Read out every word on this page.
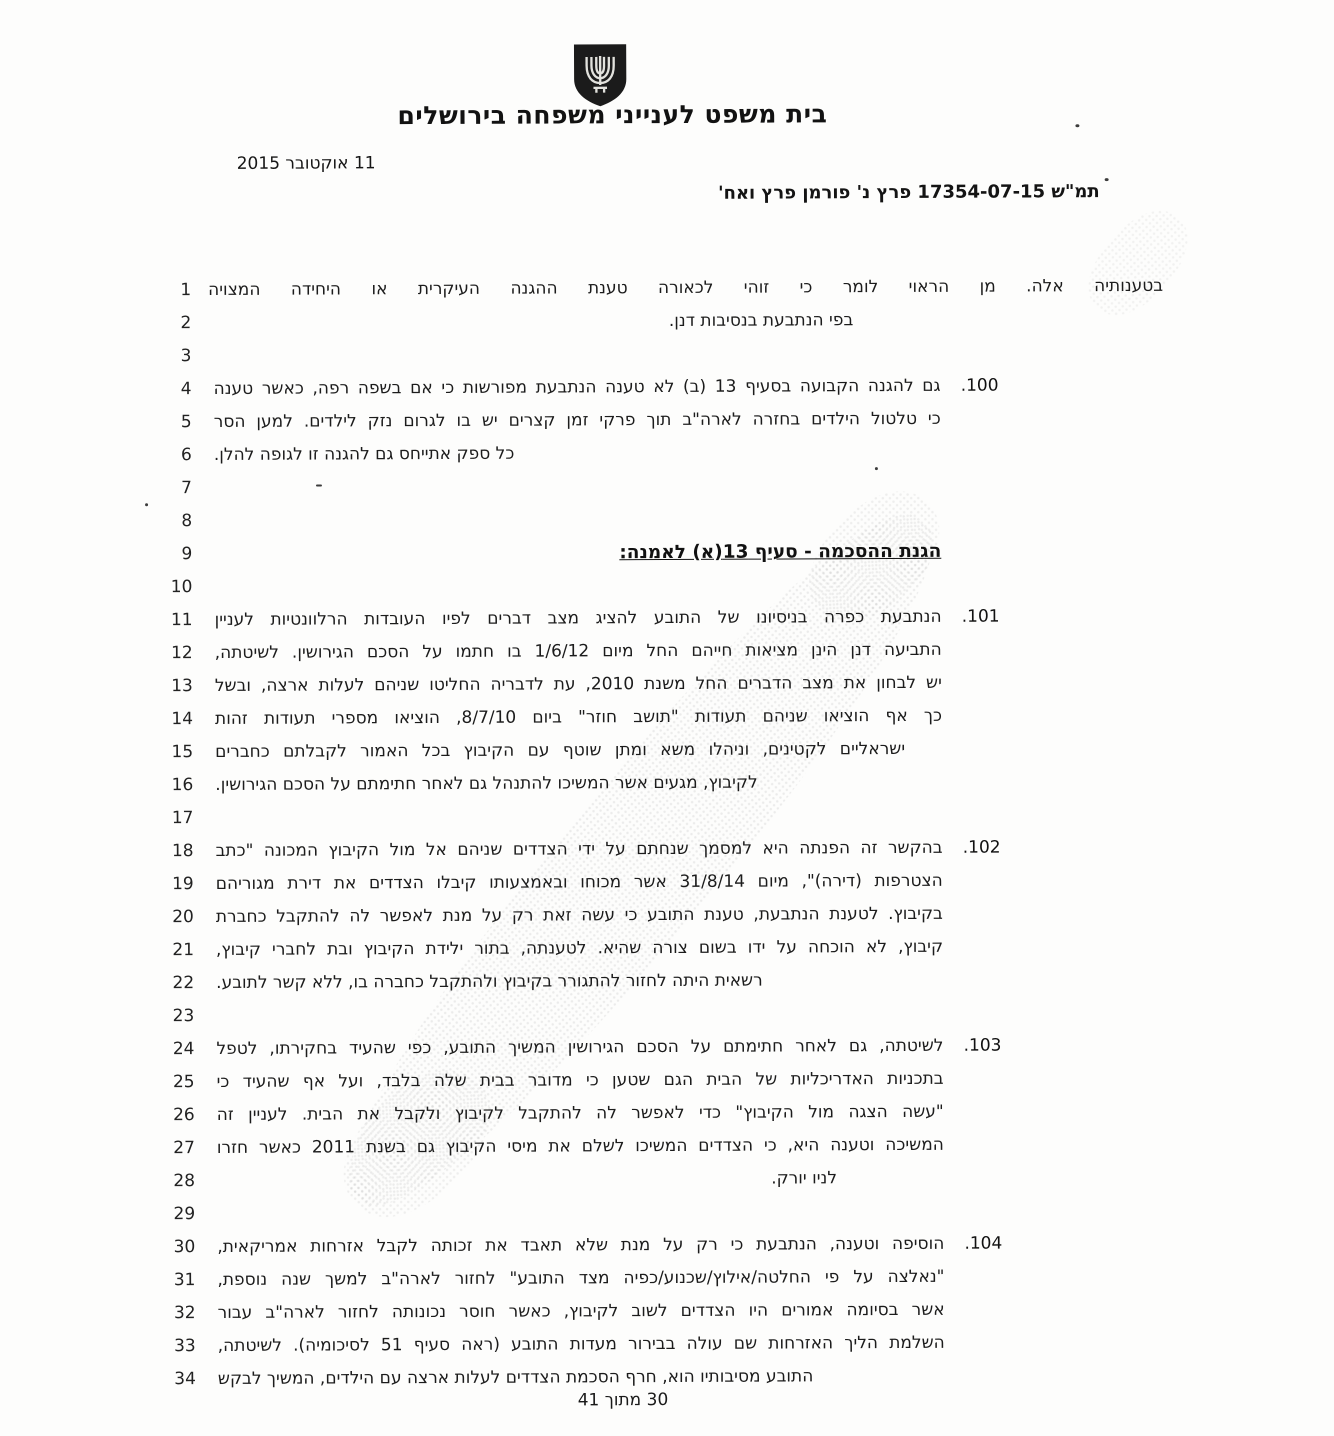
בית משפט לענייני משפחה בירושלים
11 אוקטובר 2015
תמ"ש 17354-07-15 פרץ נ' פורמן פרץ ואח'
1
2
3
4
5
6
7
8
9
10
11
12
13
14
15
16
17
18
19
20
21
22
23
24
25
26
27
28
29
30
31
32
33
34
בטענותיה אלה. מן הראוי לומר כי זוהי לכאורה טענת ההגנה העיקרית או היחידה המצויה
בפי הנתבעת בנסיבות דנן.
100.
גם להגנה הקבועה בסעיף 13 (ב) לא טענה הנתבעת מפורשות כי אם בשפה רפה, כאשר טענה
כי טלטול הילדים בחזרה לארה"ב תוך פרקי זמן קצרים יש בו לגרום נזק לילדים. למען הסר
כל ספק אתייחס גם להגנה זו לגופה להלן.
הגנת ההסכמה - סעיף 13(א) לאמנה:
101.
הנתבעת כפרה בניסיונו של התובע להציג מצב דברים לפיו העובדות הרלוונטיות לעניין
התביעה דנן הינן מציאות חייהם החל מיום 1/6/12 בו חתמו על הסכם הגירושין. לשיטתה,
יש לבחון את מצב הדברים החל משנת 2010, עת לדבריה החליטו שניהם לעלות ארצה, ובשל
כך אף הוציאו שניהם תעודות "תושב חוזר" ביום 8/7/10, הוציאו מספרי תעודות זהות
ישראליים לקטינים, וניהלו משא ומתן שוטף עם הקיבוץ בכל האמור לקבלתם כחברים
לקיבוץ, מגעים אשר המשיכו להתנהל גם לאחר חתימתם על הסכם הגירושין.
102.
בהקשר זה הפנתה היא למסמך שנחתם על ידי הצדדים שניהם אל מול הקיבוץ המכונה "כתב
הצטרפות (דירה)", מיום 31/8/14 אשר מכוחו ובאמצעותו קיבלו הצדדים את דירת מגוריהם
בקיבוץ. לטענת הנתבעת, טענת התובע כי עשה זאת רק על מנת לאפשר לה להתקבל כחברת
קיבוץ, לא הוכחה על ידו בשום צורה שהיא. לטענתה, בתור ילידת הקיבוץ ובת לחברי קיבוץ,
רשאית היתה לחזור להתגורר בקיבוץ ולהתקבל כחברה בו, ללא קשר לתובע.
103.
לשיטתה, גם לאחר חתימתם על הסכם הגירושין המשיך התובע, כפי שהעיד בחקירתו, לטפל
בתכניות האדריכליות של הבית הגם שטען כי מדובר בבית שלה בלבד, ועל אף שהעיד כי
"עשה הצגה מול הקיבוץ" כדי לאפשר לה להתקבל לקיבוץ ולקבל את הבית. לעניין זה
המשיכה וטענה היא, כי הצדדים המשיכו לשלם את מיסי הקיבוץ גם בשנת 2011 כאשר חזרו
לניו יורק.
104.
הוסיפה וטענה, הנתבעת כי רק על מנת שלא תאבד את זכותה לקבל אזרחות אמריקאית,
"נאלצה על פי החלטה/אילוץ/שכנוע/כפיה מצד התובע" לחזור לארה"ב למשך שנה נוספת,
אשר בסיומה אמורים היו הצדדים לשוב לקיבוץ, כאשר חוסר נכונותה לחזור לארה"ב עבור
השלמת הליך האזרחות שם עולה בבירור מעדות התובע (ראה סעיף 51 לסיכומיה). לשיטתה,
התובע מסיבותיו הוא, חרף הסכמת הצדדים לעלות ארצה עם הילדים, המשיך לבקש
30 מתוך 41
